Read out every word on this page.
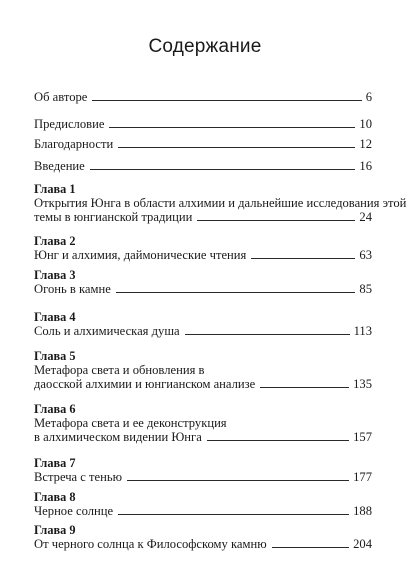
Содержание
Об авторе	6
Предисловие	10
Благодарности	12
Введение	16
Глава 1
Открытия Юнга в области алхимии и дальнейшие исследования этой
темы в юнгианской традиции	24
Глава 2
Юнг и алхимия, даймонические чтения	63
Глава 3
Огонь в камне	85
Глава 4
Соль и алхимическая душа	113
Глава 5
Метафора света и обновления в
даосской алхимии и юнгианском анализе	135
Глава 6
Метафора света и ее деконструкция
в алхимическом видении Юнга	157
Глава 7
Встреча с тенью	177
Глава 8
Черное солнце	188
Глава 9
От черного солнца к Философскому камню	204
